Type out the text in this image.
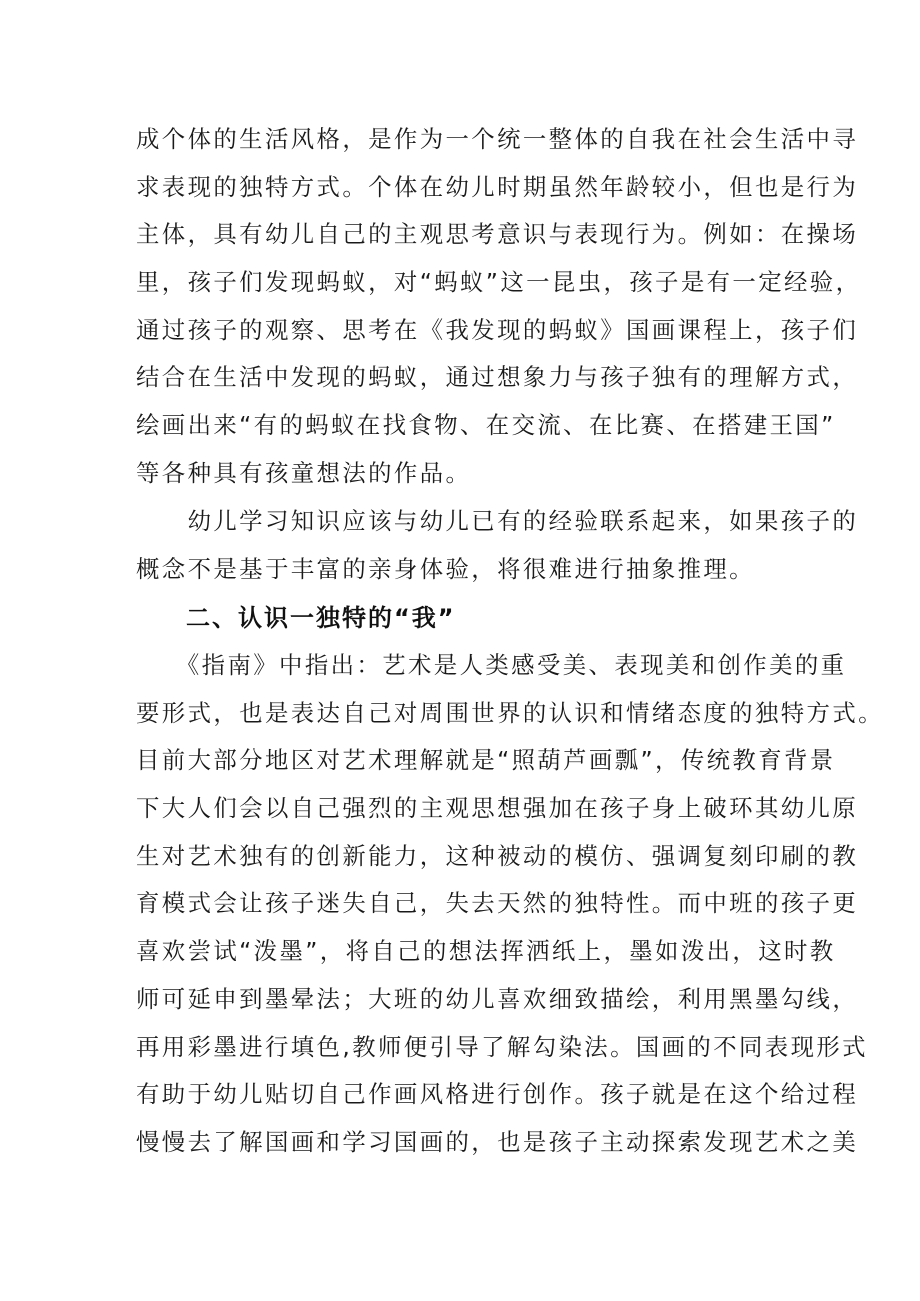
成个体的生活风格，是作为一个统一整体的自我在社会生活中寻
求表现的独特方式。个体在幼儿时期虽然年龄较小，但也是行为
主体，具有幼儿自己的主观思考意识与表现行为。例如：在操场
里，孩子们发现蚂蚁，对“蚂蚁”这一昆虫，孩子是有一定经验，
通过孩子的观察、思考在《我发现的蚂蚁》国画课程上，孩子们
结合在生活中发现的蚂蚁，通过想象力与孩子独有的理解方式，
绘画出来“有的蚂蚁在找食物、在交流、在比赛、在搭建王国”
等各种具有孩童想法的作品。
　　幼儿学习知识应该与幼儿已有的经验联系起来，如果孩子的
概念不是基于丰富的亲身体验，将很难进行抽象推理。
二、认识一独特的“我”
　　《指南》中指出：艺术是人类感受美、表现美和创作美的重
要形式，也是表达自己对周围世界的认识和情绪态度的独特方式。
目前大部分地区对艺术理解就是“照葫芦画瓢”，传统教育背景
下大人们会以自己强烈的主观思想强加在孩子身上破环其幼儿原
生对艺术独有的创新能力，这种被动的模仿、强调复刻印刷的教
育模式会让孩子迷失自己，失去天然的独特性。而中班的孩子更
喜欢尝试“泼墨”，将自己的想法挥洒纸上，墨如泼出，这时教
师可延申到墨晕法；大班的幼儿喜欢细致描绘，利用黑墨勾线，
再用彩墨进行填色,教师便引导了解勾染法。国画的不同表现形式
有助于幼儿贴切自己作画风格进行创作。孩子就是在这个给过程
慢慢去了解国画和学习国画的，也是孩子主动探索发现艺术之美
